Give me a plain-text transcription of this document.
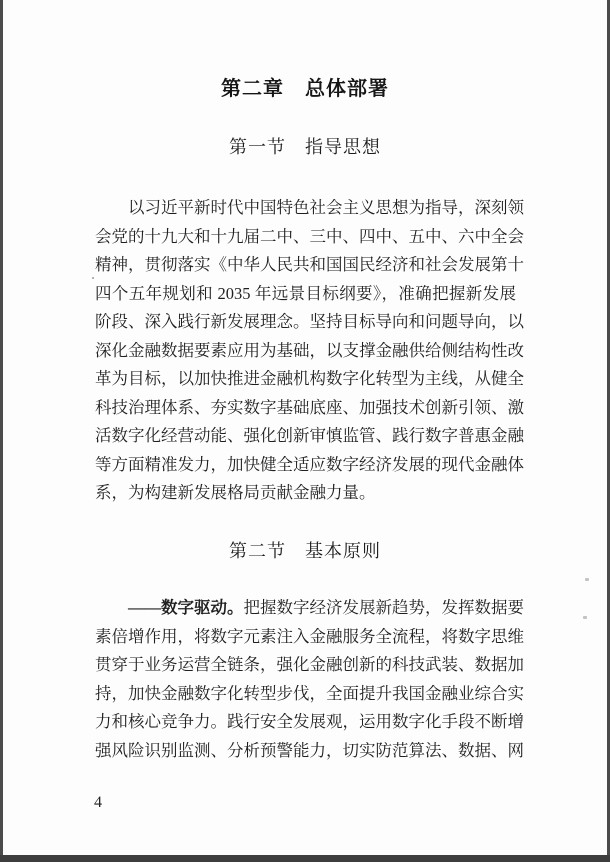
第二章　总体部署
第一节　指导思想
以习近平新时代中国特色社会主义思想为指导，深刻领
会党的十九大和十九届二中、三中、四中、五中、六中全会
精神，贯彻落实《中华人民共和国国民经济和社会发展第十
四个五年规划和 2035 年远景目标纲要》，准确把握新发展
阶段、深入践行新发展理念。坚持目标导向和问题导向，以
深化金融数据要素应用为基础，以支撑金融供给侧结构性改
革为目标，以加快推进金融机构数字化转型为主线，从健全
科技治理体系、夯实数字基础底座、加强技术创新引领、激
活数字化经营动能、强化创新审慎监管、践行数字普惠金融
等方面精准发力，加快健全适应数字经济发展的现代金融体
系，为构建新发展格局贡献金融力量。
第二节　基本原则
——数字驱动。把握数字经济发展新趋势，发挥数据要
素倍增作用，将数字元素注入金融服务全流程，将数字思维
贯穿于业务运营全链条，强化金融创新的科技武装、数据加
持，加快金融数字化转型步伐，全面提升我国金融业综合实
力和核心竞争力。践行安全发展观，运用数字化手段不断增
强风险识别监测、分析预警能力，切实防范算法、数据、网
4
